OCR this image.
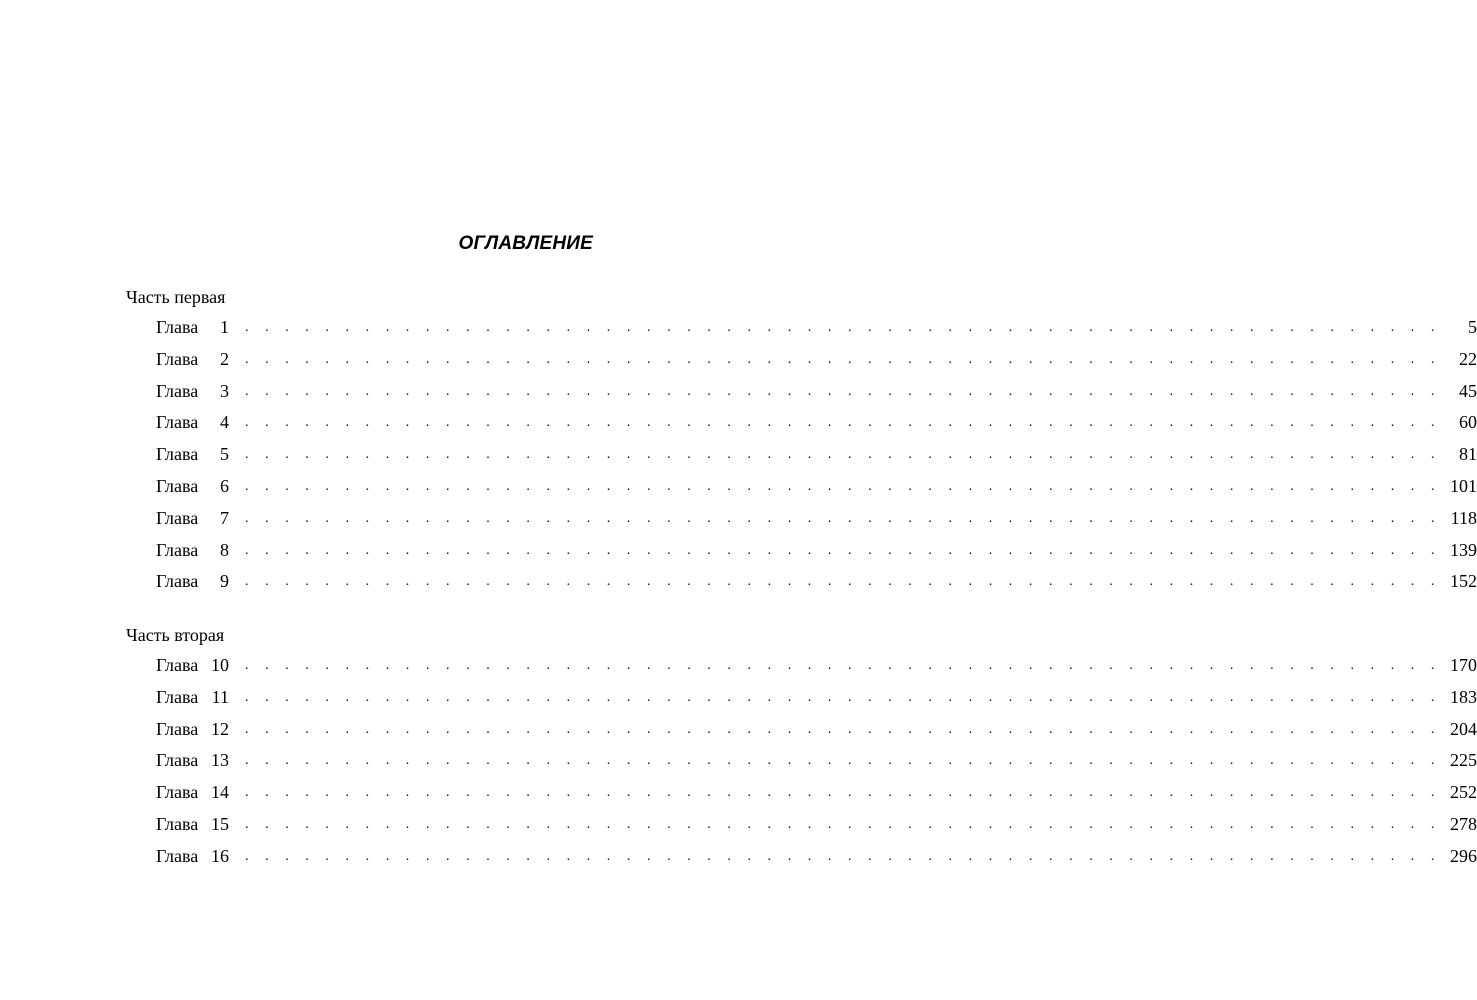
ОГЛАВЛЕНИЕ
Часть первая
Глава 1 . . . . . . . . . . . . . . . . . . . . . . . . . . . . . . . . . . . . . . . . . . . . . . . . . . . . . . . . . . . .	5
Глава 2 . . . . . . . . . . . . . . . . . . . . . . . . . . . . . . . . . . . . . . . . . . . . . . . . . . . . . . . . . . . .	22
Глава 3 . . . . . . . . . . . . . . . . . . . . . . . . . . . . . . . . . . . . . . . . . . . . . . . . . . . . . . . . . . . .	45
Глава 4 . . . . . . . . . . . . . . . . . . . . . . . . . . . . . . . . . . . . . . . . . . . . . . . . . . . . . . . . . . . .	60
Глава 5 . . . . . . . . . . . . . . . . . . . . . . . . . . . . . . . . . . . . . . . . . . . . . . . . . . . . . . . . . . . .	81
Глава 6 . . . . . . . . . . . . . . . . . . . . . . . . . . . . . . . . . . . . . . . . . . . . . . . . . . . . . . . . . . . . 101
Глава 7 . . . . . . . . . . . . . . . . . . . . . . . . . . . . . . . . . . . . . . . . . . . . . . . . . . . . . . . . . . . . 118
Глава 8 . . . . . . . . . . . . . . . . . . . . . . . . . . . . . . . . . . . . . . . . . . . . . . . . . . . . . . . . . . . . 139
Глава 9 . . . . . . . . . . . . . . . . . . . . . . . . . . . . . . . . . . . . . . . . . . . . . . . . . . . . . . . . . . . . 152
Часть вторая
Глава 10 . . . . . . . . . . . . . . . . . . . . . . . . . . . . . . . . . . . . . . . . . . . . . . . . . . . . . . . . . . . . 170
Глава 11 . . . . . . . . . . . . . . . . . . . . . . . . . . . . . . . . . . . . . . . . . . . . . . . . . . . . . . . . . . . . 183
Глава 12 . . . . . . . . . . . . . . . . . . . . . . . . . . . . . . . . . . . . . . . . . . . . . . . . . . . . . . . . . . . . 204
Глава 13 . . . . . . . . . . . . . . . . . . . . . . . . . . . . . . . . . . . . . . . . . . . . . . . . . . . . . . . . . . . . 225
Глава 14 . . . . . . . . . . . . . . . . . . . . . . . . . . . . . . . . . . . . . . . . . . . . . . . . . . . . . . . . . . . . 252
Глава 15 . . . . . . . . . . . . . . . . . . . . . . . . . . . . . . . . . . . . . . . . . . . . . . . . . . . . . . . . . . . . 278
Глава 16 . . . . . . . . . . . . . . . . . . . . . . . . . . . . . . . . . . . . . . . . . . . . . . . . . . . . . . . . . . . . 296
